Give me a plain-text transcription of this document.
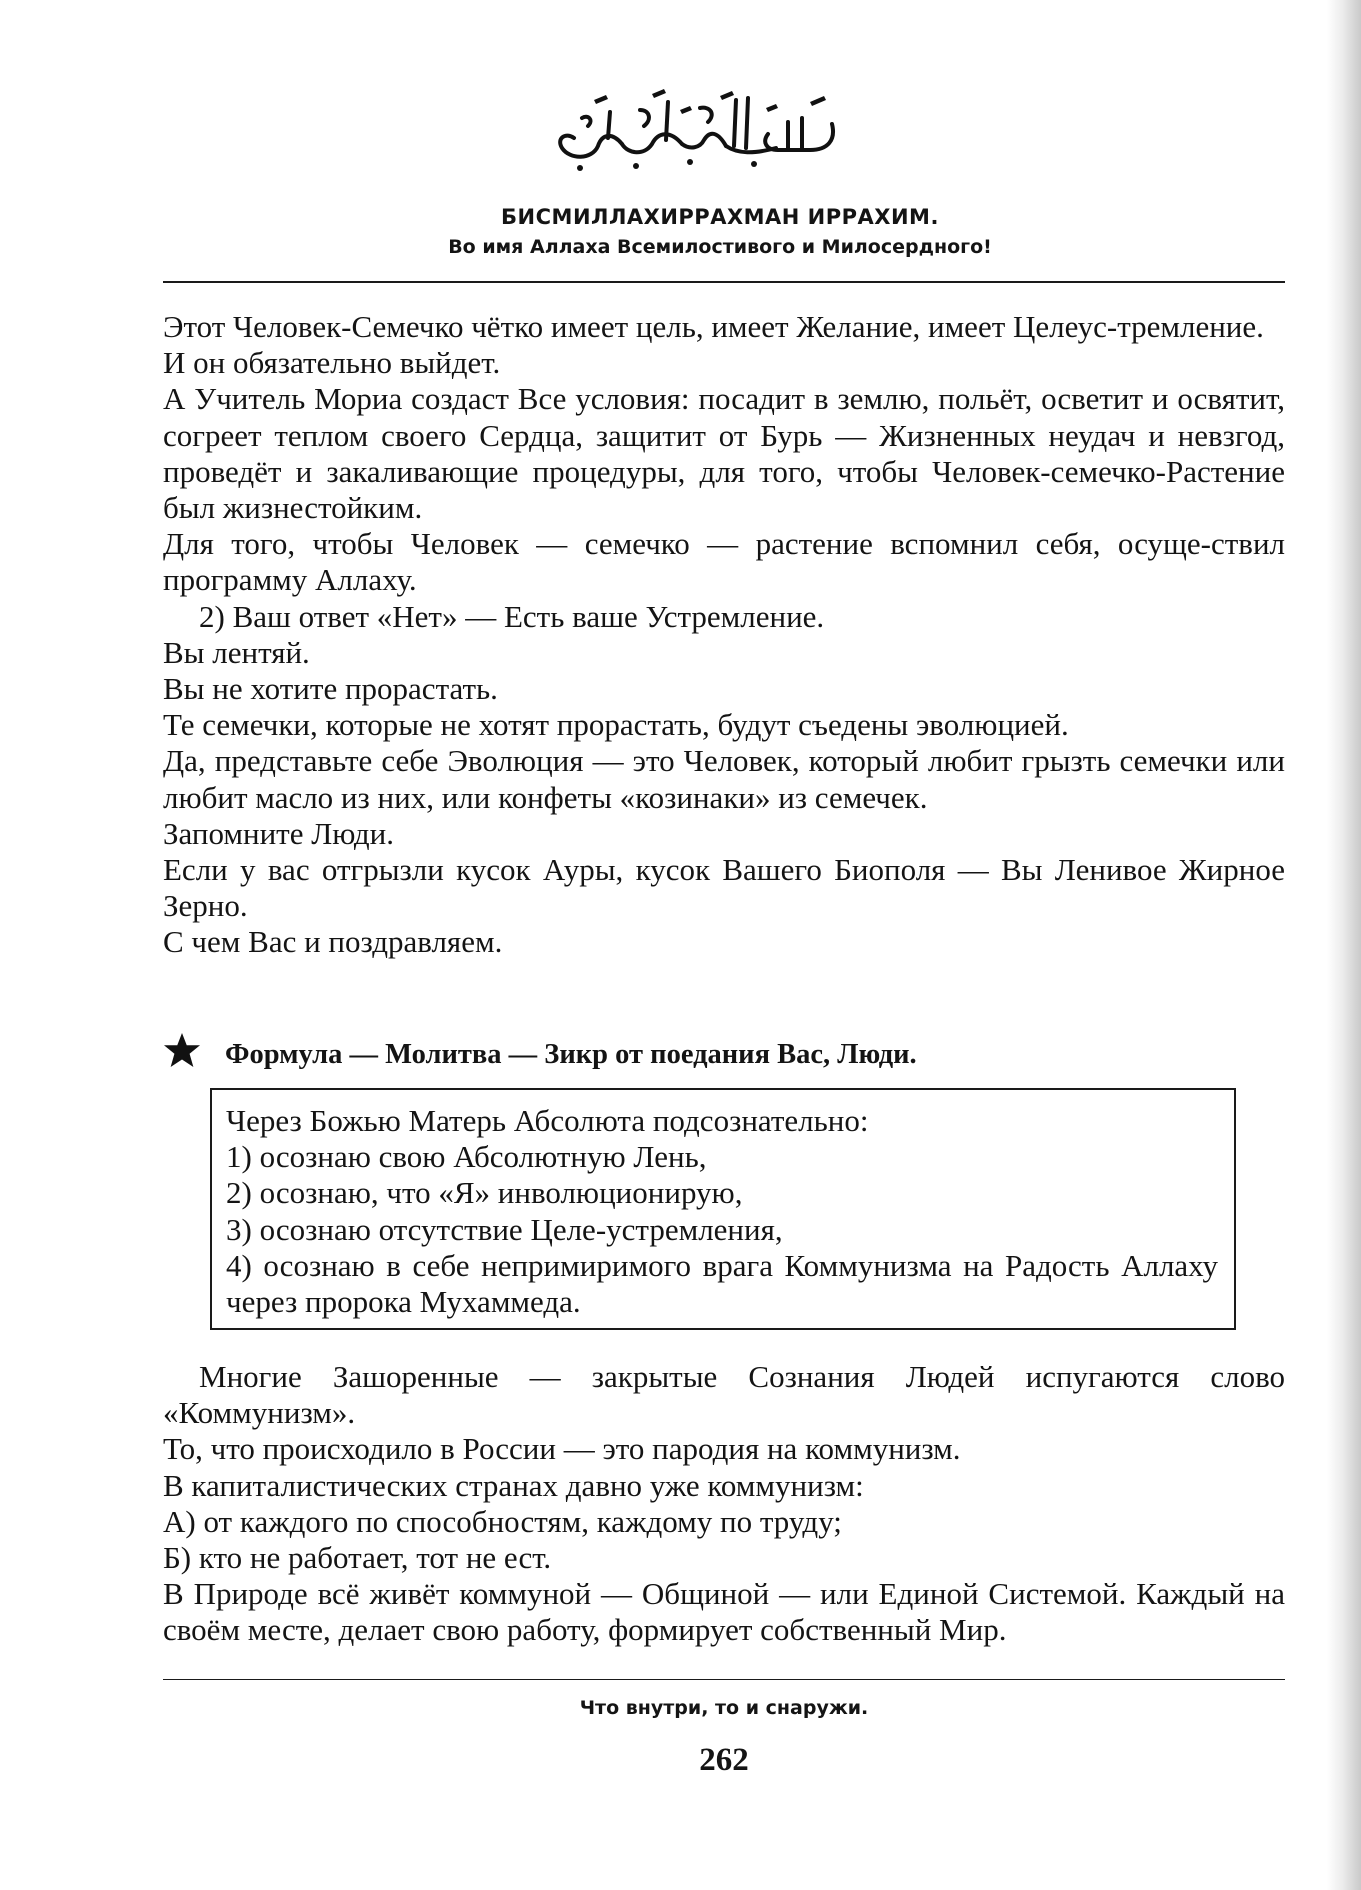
БИСМИЛЛАХИРРАХМАН ИРРАХИМ.
Во имя Аллаха Всемилостивого и Милосердного!

Этот Человек-Семечко чётко имеет цель, имеет Желание, имеет Целеус-тремление.

И он обязательно выйдет.

А Учитель Мориа создаст Все условия: посадит в землю, польёт, осветит и освятит, согреет теплом своего Сердца, защитит от Бурь — Жизненных неудач и невзгод, проведёт и закаливающие процедуры, для того, чтобы Человек-семечко-Растение был жизнестойким.

Для того, чтобы Человек — семечко — растение вспомнил себя, осуще-ствил программу Аллаху.

2) Ваш ответ «Нет» — Есть ваше Устремление.

Вы лентяй.

Вы не хотите прорастать.

Те семечки, которые не хотят прорастать, будут съедены эволюцией.

Да, представьте себе Эволюция — это Человек, который любит грызть семечки или любит масло из них, или конфеты «козинаки» из семечек.

Запомните Люди.

Если у вас отгрызли кусок Ауры, кусок Вашего Биополя — Вы Ленивое Жирное Зерно.

С чем Вас и поздравляем.

Формула — Молитва — Зикр от поедания Вас, Люди.

Через Божью Матерь Абсолюта подсознательно:

1) осознаю свою Абсолютную Лень,

2) осознаю, что «Я» инволюционирую,

3) осознаю отсутствие Целе-устремления,

4) осознаю в себе непримиримого врага Коммунизма на Радость Аллаху через пророка Мухаммеда.

Многие Зашоренные — закрытые Сознания Людей испугаются слово «Коммунизм».

То, что происходило в России — это пародия на коммунизм.

В капиталистических странах давно уже коммунизм:

А) от каждого по способностям, каждому по труду;

Б) кто не работает, тот не ест.

В Природе всё живёт коммуной — Общиной — или Единой Системой. Каждый на своём месте, делает свою работу, формирует собственный Мир.

Что внутри, то и снаружи.
262
